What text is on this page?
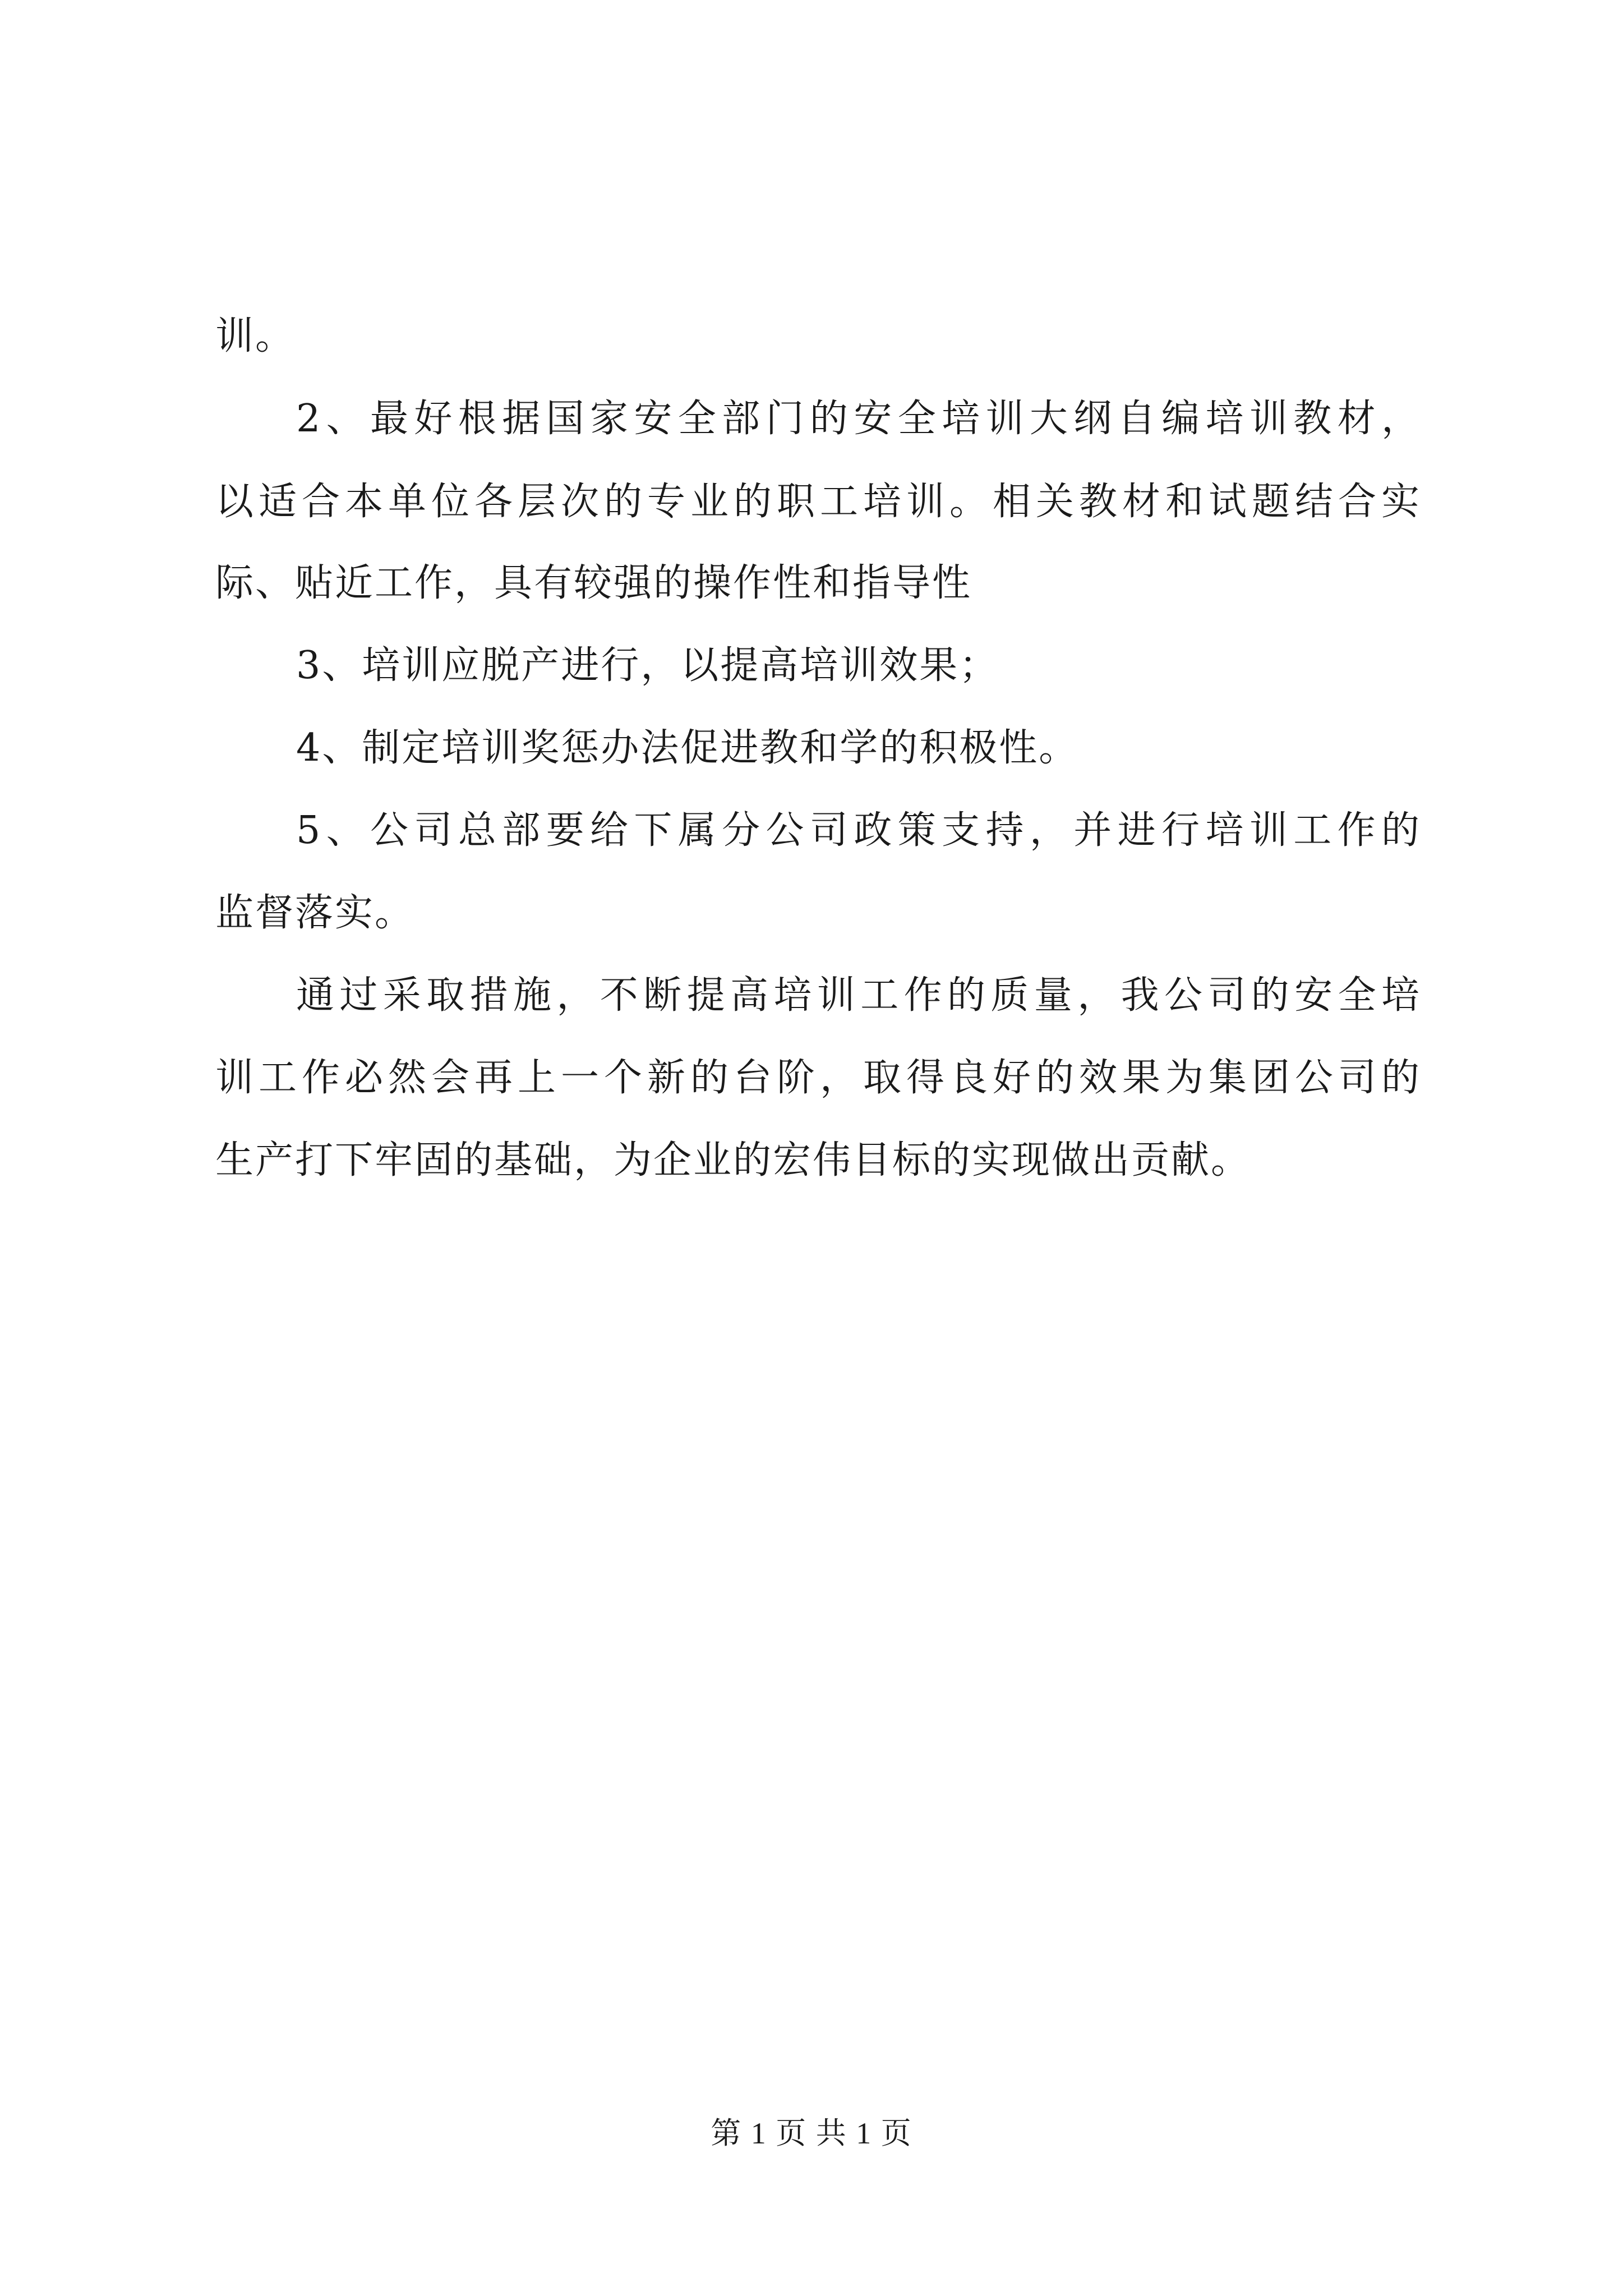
训。
2、最好根据国家安全部门的安全培训大纲自编培训教材，
以适合本单位各层次的专业的职工培训。相关教材和试题结合实
际、贴近工作，具有较强的操作性和指导性
3、培训应脱产进行，以提高培训效果；
4、制定培训奖惩办法促进教和学的积极性。
5、公司总部要给下属分公司政策支持，并进行培训工作的
监督落实。
通过采取措施，不断提高培训工作的质量，我公司的安全培
训工作必然会再上一个新的台阶，取得良好的效果为集团公司的
生产打下牢固的基础，为企业的宏伟目标的实现做出贡献。
第 1 页 共 1 页
